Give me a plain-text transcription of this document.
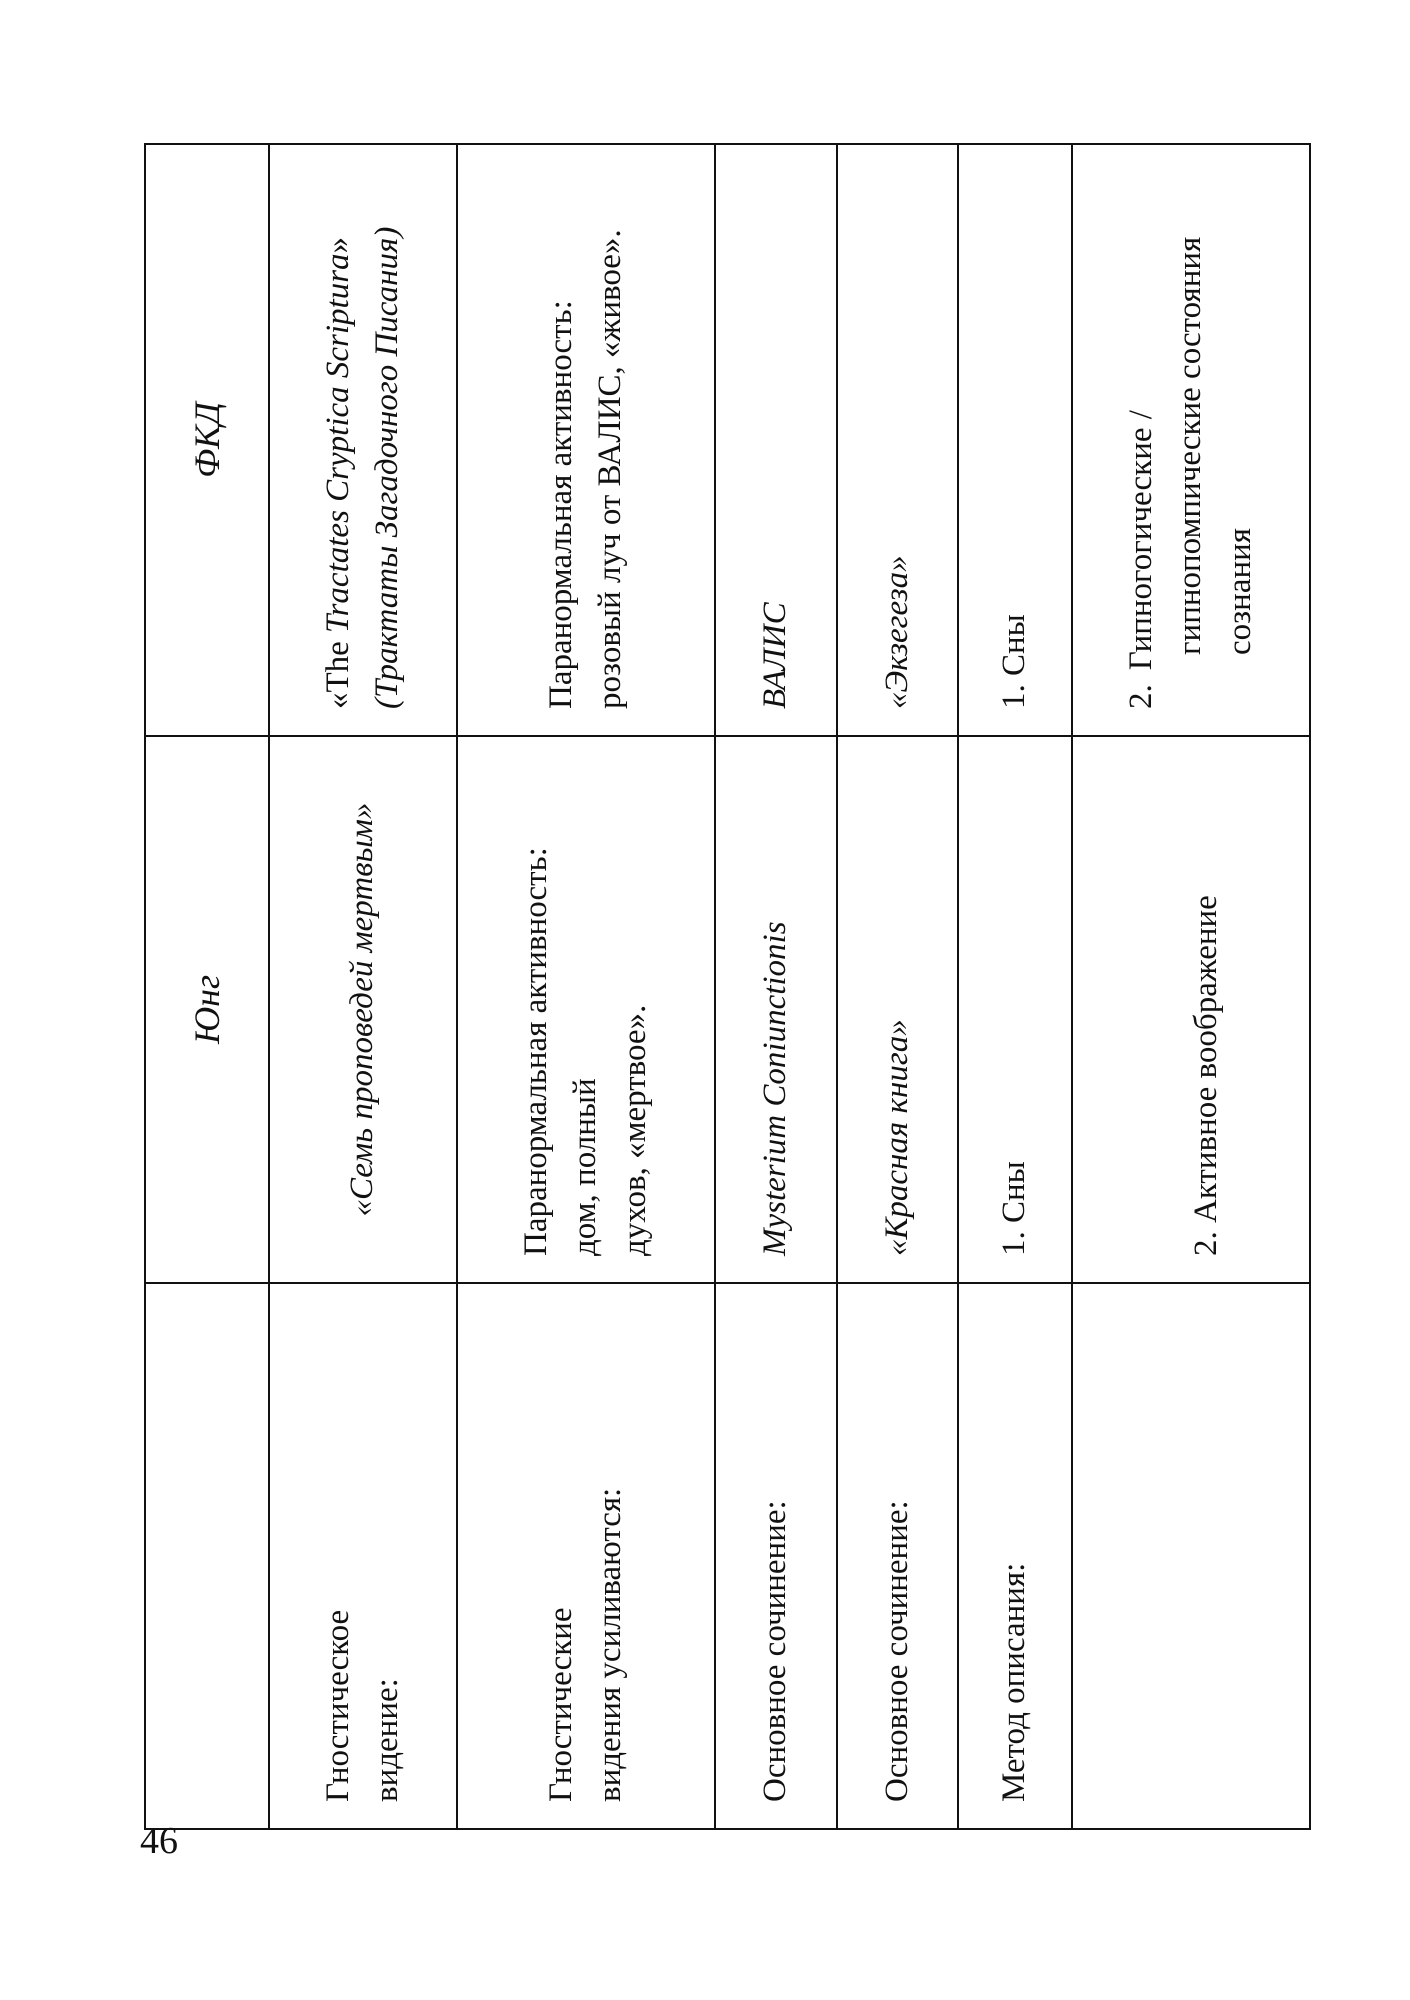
46
	Юнг	ФКД

Гностическое видение:	«Семь проповедей мертвым»	«The Tractates Cryptica Scriptura» (Трактаты Загадочного Писания)

Гностические видения усиливаются:	Паранормальная активность: дом, полный духов, «мертвое».	Паранормальная активность: розовый луч от ВАЛИС, «живое».

Основное сочинение:	Mysterium Coniunctionis	ВАЛИС
Основное сочинение:	«Красная книга»	«Экзегеза»
Метод описания:	1. Сны	1. Сны
	2. Активное воображение	2.Гипногогические / гипнопомпические состояния сознания
